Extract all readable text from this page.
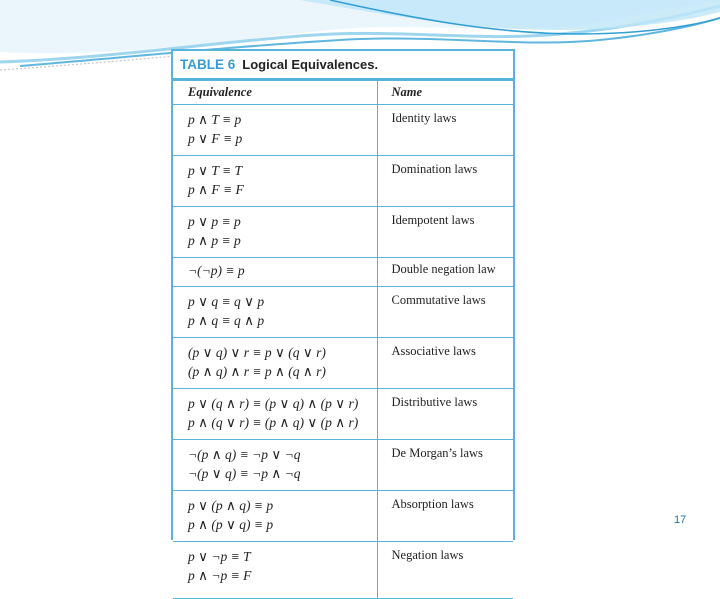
TABLE 6 Logical Equivalences.
Equivalence	Name

p ∧ T ≡ p
p ∨ F ≡ p	Identity laws

p ∨ T ≡ T
p ∧ F ≡ F	Domination laws

p ∨ p ≡ p
p ∧ p ≡ p	Idempotent laws

¬(¬p) ≡ p	Double negation law

p ∨ q ≡ q ∨ p
p ∧ q ≡ q ∧ p	Commutative laws

(p ∨ q) ∨ r ≡ p ∨ (q ∨ r)
(p ∧ q) ∧ r ≡ p ∧ (q ∧ r)	Associative laws

p ∨ (q ∧ r) ≡ (p ∨ q) ∧ (p ∨ r)
p ∧ (q ∨ r) ≡ (p ∧ q) ∨ (p ∧ r)	Distributive laws

¬(p ∧ q) ≡ ¬p ∨ ¬q
¬(p ∨ q) ≡ ¬p ∧ ¬q	De Morgan’s laws

p ∨ (p ∧ q) ≡ p
p ∧ (p ∨ q) ≡ p	Absorption laws

p ∨ ¬p ≡ T
p ∧ ¬p ≡ F	Negation laws
17
